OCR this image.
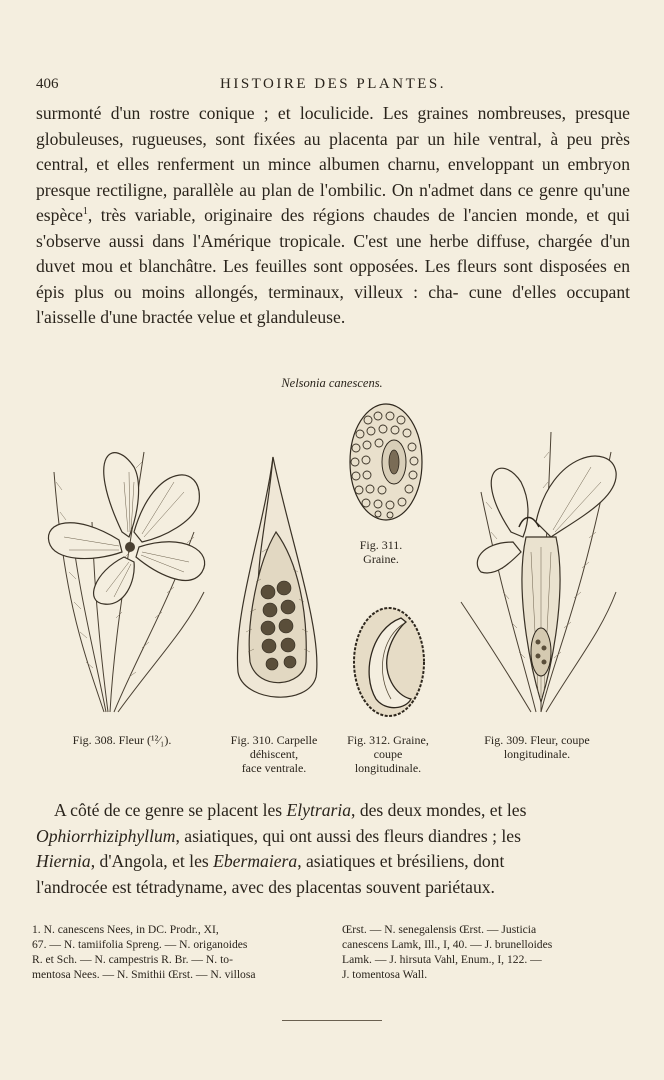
406	HISTOIRE DES PLANTES.

surmonté d'un rostre conique ; et loculicide. Les graines nombreuses, presque globuleuses, rugueuses, sont fixées au placenta par un hile ventral, à peu près central, et elles renferment un mince albumen charnu, enveloppant un embryon presque rectiligne, parallèle au plan de l'ombilic. On n'admet dans ce genre qu'une espèce$^1$, très variable, originaire des régions chaudes de l'ancien monde, et qui s'observe aussi dans l'Amérique tropicale. C'est une herbe diffuse, chargée d'un duvet mou et blanchâtre. Les feuilles sont opposées. Les fleurs sont disposées en épis plus ou moins allongés, terminaux, villeux : cha- cune d'elles occupant l'aisselle d'une bractée velue et glanduleuse.

Nelsonia canescens.
Fig. 311.
Graine.
Fig. 308. Fleur (¹²⁄₁).	Fig. 310. Carpelle
déhiscent,
face ventrale.
Fig. 312. Graine,
coupe
longitudinale.
Fig. 309. Fleur, coupe
longitudinale.
A côté de ce genre se placent les Elytraria, des deux mondes, et les
Ophiorrhiziphyllum, asiatiques, qui ont aussi des fleurs diandres ; les
Hiernia, d'Angola, et les Ebermaiera, asiatiques et brésiliens, dont
l'androcée est tétradyname, avec des placentas souvent pariétaux.
1. N. canescens Nees, in DC. Prodr., XI,
67. — N. tamiifolia Spreng. — N. origanoides
R. et Sch. — N. campestris R. Br. — N. to-
mentosa Nees. — N. Smithii Œrst. — N. villosa
Œrst. — N. senegalensis Œrst. — Justicia
canescens Lamk, Ill., I, 40. — J. brunelloides
Lamk. — J. hirsuta Vahl, Enum., I, 122. —
J. tomentosa Wall.
